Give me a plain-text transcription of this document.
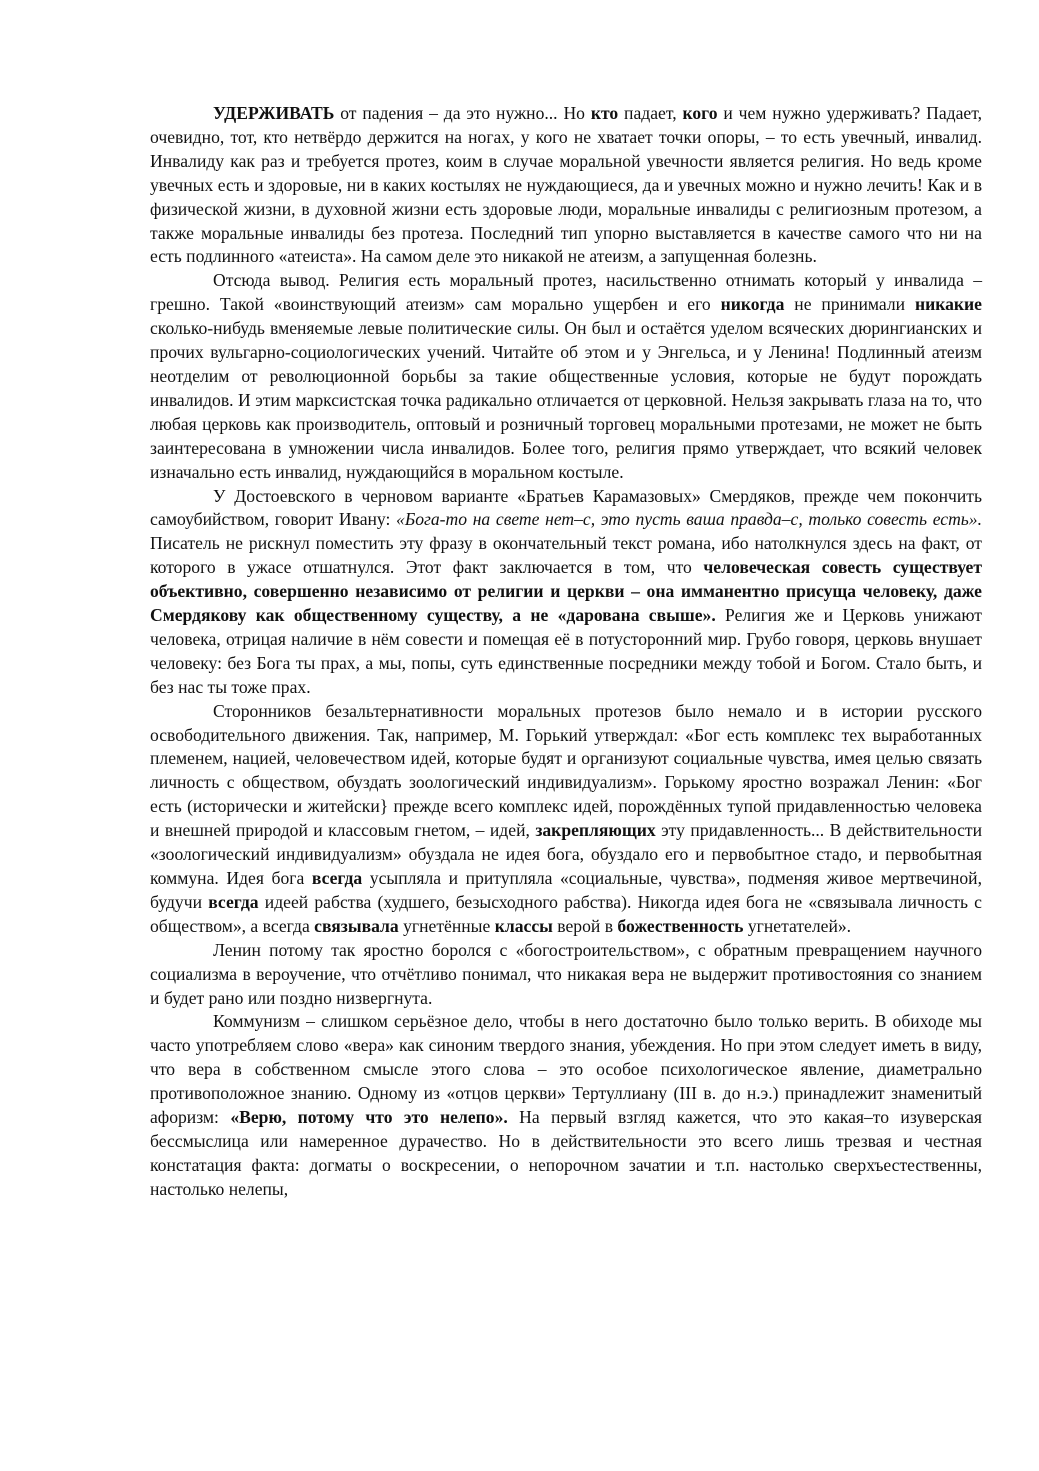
УДЕРЖИВАТЬ от падения – да это нужно... Но кто падает, кого и чем нужно удерживать? Падает, очевидно, тот, кто нетвёрдо держится на ногах, у кого не хватает точки опоры, – то есть увечный, инвалид. Инвалиду как раз и требуется протез, коим в случае моральной увечности является религия. Но ведь кроме увечных есть и здоровые, ни в каких костылях не нуждающиеся, да и увечных можно и нужно лечить! Как и в физической жизни, в духовной жизни есть здоровые люди, моральные инвалиды с религиозным протезом, а также моральные инвалиды без протеза. Последний тип упорно выставляется в качестве самого что ни на есть подлинного «атеиста». На самом деле это никакой не атеизм, а запущенная болезнь.

Отсюда вывод. Религия есть моральный протез, насильственно отнимать который у инвалида – грешно. Такой «воинствующий атеизм» сам морально ущербен и его никогда не принимали никакие сколько-нибудь вменяемые левые политические силы. Он был и остаётся уделом всяческих дюрингианских и прочих вульгарно-социологических учений. Читайте об этом и у Энгельса, и у Ленина! Подлинный атеизм неотделим от революционной борьбы за такие общественные условия, которые не будут порождать инвалидов. И этим марксистская точка радикально отличается от церковной. Нельзя закрывать глаза на то, что любая церковь как производитель, оптовый и розничный торговец моральными протезами, не может не быть заинтересована в умножении числа инвалидов. Более того, религия прямо утверждает, что всякий человек изначально есть инвалид, нуждающийся в моральном костыле.

У Достоевского в черновом варианте «Братьев Карамазовых» Смердяков, прежде чем покончить самоубийством, говорит Ивану: «Бога-то на свете нет–с, это пусть ваша правда–с, только совесть есть». Писатель не рискнул поместить эту фразу в окончательный текст романа, ибо натолкнулся здесь на факт, от которого в ужасе отшатнулся. Этот факт заключается в том, что человеческая совесть существует объективно, совершенно независимо от религии и церкви – она имманентно присуща человеку, даже Смердякову как общественному существу, а не «дарована свыше». Религия же и Церковь унижают человека, отрицая наличие в нём совести и помещая её в потусторонний мир. Грубо говоря, церковь внушает человеку: без Бога ты прах, а мы, попы, суть единственные посредники между тобой и Богом. Стало быть, и без нас ты тоже прах.

Сторонников безальтернативности моральных протезов было немало и в истории русского освободительного движения. Так, например, М. Горький утверждал: «Бог есть комплекс тех выработанных племенем, нацией, человечеством идей, которые будят и организуют социальные чувства, имея целью связать личность с обществом, обуздать зоологический индивидуализм». Горькому яростно возражал Ленин: «Бог есть (исторически и житейски} прежде всего комплекс идей, порождённых тупой придавленностью человека и внешней природой и классовым гнетом, – идей, закрепляющих эту придавленность... В действительности «зоологический индивидуализм» обуздала не идея бога, обуздало его и первобытное стадо, и первобытная коммуна. Идея бога всегда усыпляла и притупляла «социальные, чувства», подменяя живое мертвечиной, будучи всегда идеей рабства (худшего, безысходного рабства). Никогда идея бога не «связывала личность с обществом», а всегда связывала угнетённые классы верой в божественность угнетателей».

Ленин потому так яростно боролся с «богостроительством», с обратным превращением научного социализма в вероучение, что отчётливо понимал, что никакая вера не выдержит противостояния со знанием и будет рано или поздно низвергнута.

Коммунизм – слишком серьёзное дело, чтобы в него достаточно было только верить. В обиходе мы часто употребляем слово «вера» как синоним твердого знания, убеждения. Но при этом следует иметь в виду, что вера в собственном смысле этого слова – это особое психологическое явление, диаметрально противоположное знанию. Одному из «отцов церкви» Тертуллиану (III в. до н.э.) принадлежит знаменитый афоризм: «Верю, потому что это нелепо». На первый взгляд кажется, что это какая–то изуверская бессмыслица или намеренное дурачество. Но в действительности это всего лишь трезвая и честная констатация факта: догматы о воскресении, о непорочном зачатии и т.п. настолько сверхъестественны, настолько нелепы,
